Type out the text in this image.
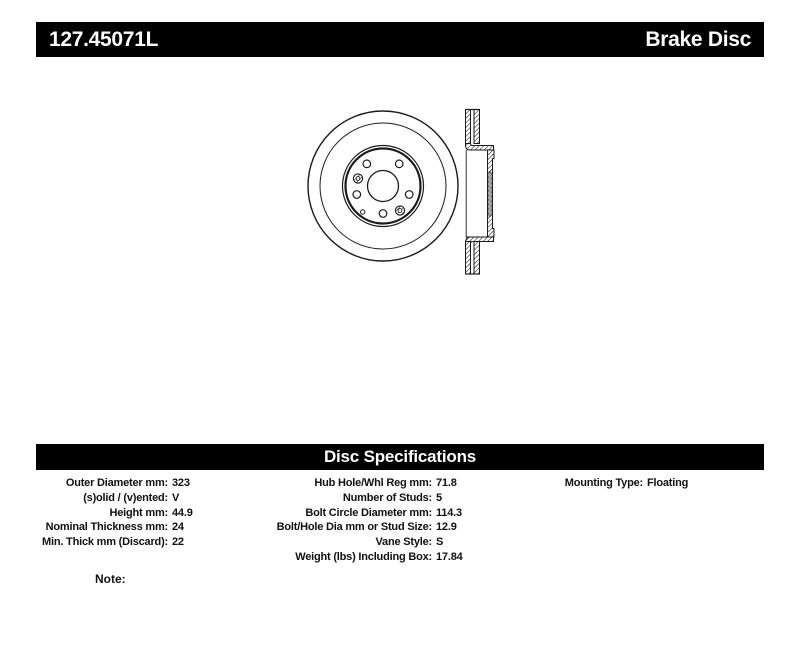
127.45071L	Brake Disc
Disc Specifications
Outer Diameter mm: 323
(s)olid / (v)ented: V
Height mm: 44.9
Nominal Thickness mm: 24
Min. Thick mm (Discard): 22
Hub Hole/Whl Reg mm: 71.8
Number of Studs: 5
Bolt Circle Diameter mm: 114.3
Bolt/Hole Dia mm or Stud Size: 12.9
Vane Style: S
Weight (lbs) Including Box: 17.84
Mounting Type: Floating
Note:
